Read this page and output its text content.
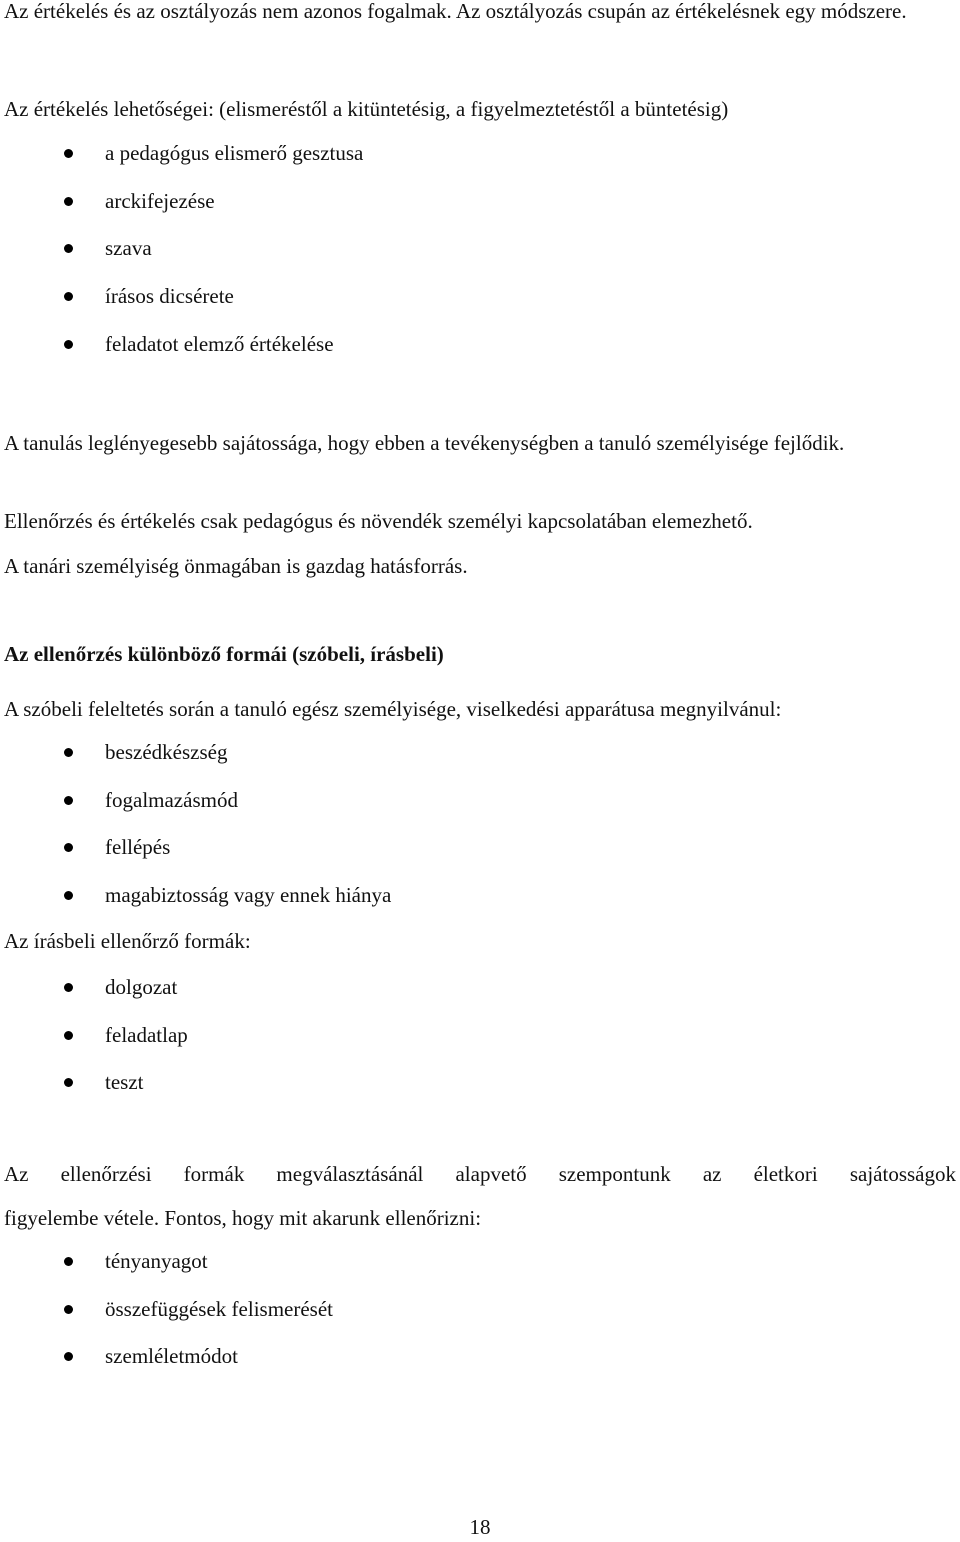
Az értékelés és az osztályozás nem azonos fogalmak. Az osztályozás csupán az értékelésnek egy módszere.

Az értékelés lehetőségei: (elismeréstől a kitüntetésig, a figyelmeztetéstől a büntetésig)

a pedagógus elismerő gesztusa
arckifejezése
szava
írásos dicsérete
feladatot elemző értékelése

A tanulás leglényegesebb sajátossága, hogy ebben a tevékenységben a tanuló személyisége fejlődik.

Ellenőrzés és értékelés csak pedagógus és növendék személyi kapcsolatában elemezhető.

A tanári személyiség önmagában is gazdag hatásforrás.

Az ellenőrzés különböző formái (szóbeli, írásbeli)

A szóbeli feleltetés során a tanuló egész személyisége, viselkedési apparátusa megnyilvánul:

beszédkészség
fogalmazásmód
fellépés
magabiztosság vagy ennek hiánya

Az írásbeli ellenőrző formák:

dolgozat
feladatlap
teszt

Az ellenőrzési formák megválasztásánál alapvető szempontunk az életkori sajátosságok

figyelembe vétele. Fontos, hogy mit akarunk ellenőrizni:

tényanyagot
összefüggések felismerését
szemléletmódot
18
